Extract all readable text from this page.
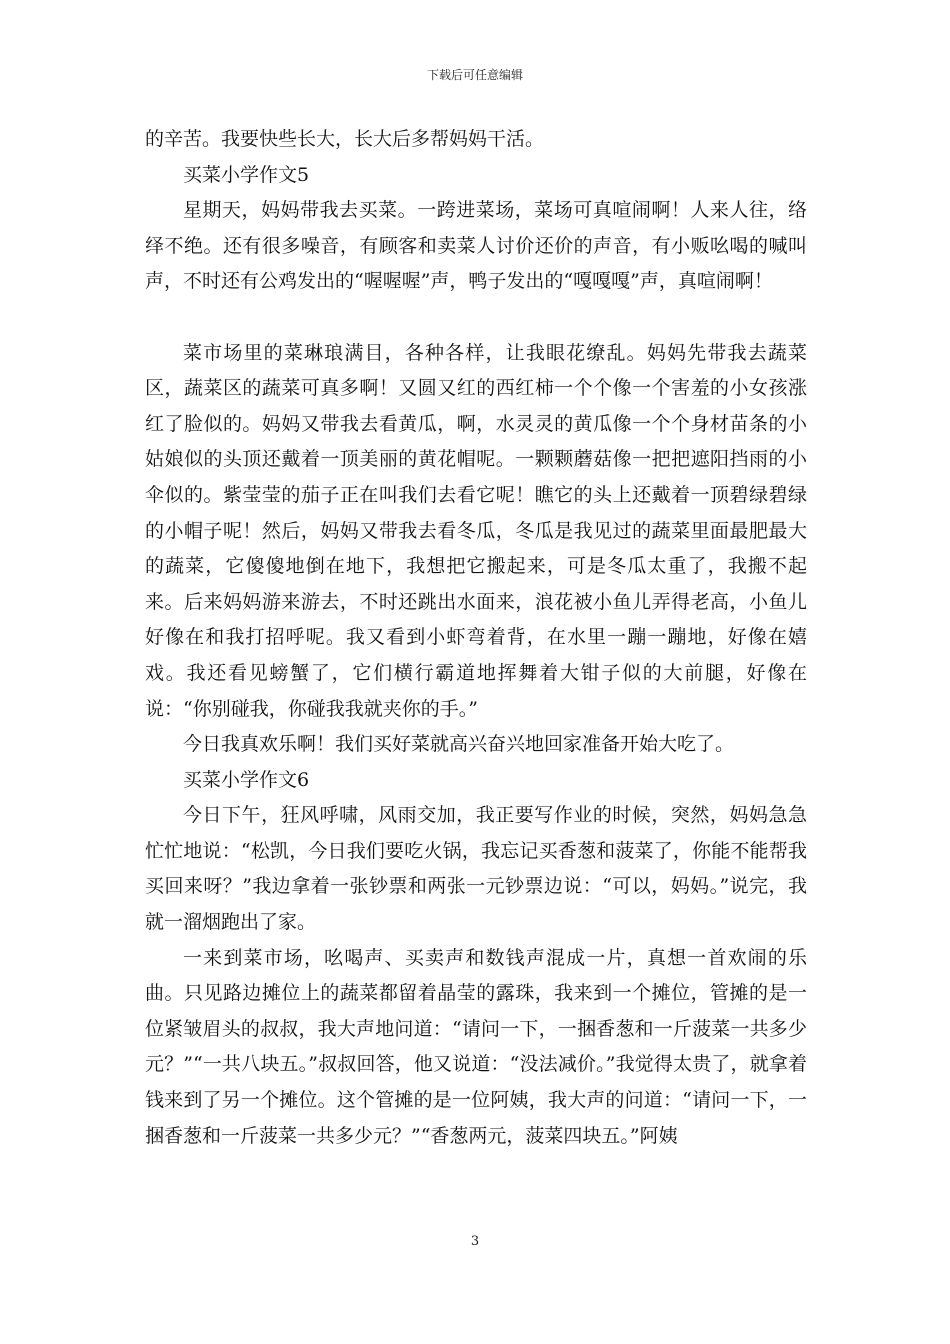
下载后可任意编辑

的辛苦。我要快些长大，长大后多帮妈妈干活。

买菜小学作文5

星期天，妈妈带我去买菜。一跨进菜场，菜场可真喧闹啊！人来人往，络绎不绝。还有很多噪音，有顾客和卖菜人讨价还价的声音，有小贩吆喝的喊叫声，不时还有公鸡发出的“喔喔喔”声，鸭子发出的“嘎嘎嘎”声，真喧闹啊！

菜市场里的菜琳琅满目，各种各样，让我眼花缭乱。妈妈先带我去蔬菜区，蔬菜区的蔬菜可真多啊！又圆又红的西红柿一个个像一个害羞的小女孩涨红了脸似的。妈妈又带我去看黄瓜，啊，水灵灵的黄瓜像一个个身材苗条的小姑娘似的头顶还戴着一顶美丽的黄花帽呢。一颗颗蘑菇像一把把遮阳挡雨的小伞似的。紫莹莹的茄子正在叫我们去看它呢！瞧它的头上还戴着一顶碧绿碧绿的小帽子呢！然后，妈妈又带我去看冬瓜，冬瓜是我见过的蔬菜里面最肥最大的蔬菜，它傻傻地倒在地下，我想把它搬起来，可是冬瓜太重了，我搬不起来。后来妈妈游来游去，不时还跳出水面来，浪花被小鱼儿弄得老高，小鱼儿好像在和我打招呼呢。我又看到小虾弯着背，在水里一蹦一蹦地，好像在嬉戏。我还看见螃蟹了，它们横行霸道地挥舞着大钳子似的大前腿，好像在说：“你别碰我，你碰我我就夹你的手。”

今日我真欢乐啊！我们买好菜就高兴奋兴地回家准备开始大吃了。

买菜小学作文6

今日下午，狂风呼啸，风雨交加，我正要写作业的时候，突然，妈妈急急忙忙地说：“松凯，今日我们要吃火锅，我忘记买香葱和菠菜了，你能不能帮我买回来呀？”我边拿着一张钞票和两张一元钞票边说：“可以，妈妈。”说完，我就一溜烟跑出了家。

一来到菜市场，吆喝声、买卖声和数钱声混成一片，真想一首欢闹的乐曲。只见路边摊位上的蔬菜都留着晶莹的露珠，我来到一个摊位，管摊的是一位紧皱眉头的叔叔，我大声地问道：“请问一下，一捆香葱和一斤菠菜一共多少元？”“一共八块五。”叔叔回答，他又说道：“没法减价。”我觉得太贵了，就拿着钱来到了另一个摊位。这个管摊的是一位阿姨，我大声的问道：“请问一下，一捆香葱和一斤菠菜一共多少元？”“香葱两元，菠菜四块五。”阿姨

3
